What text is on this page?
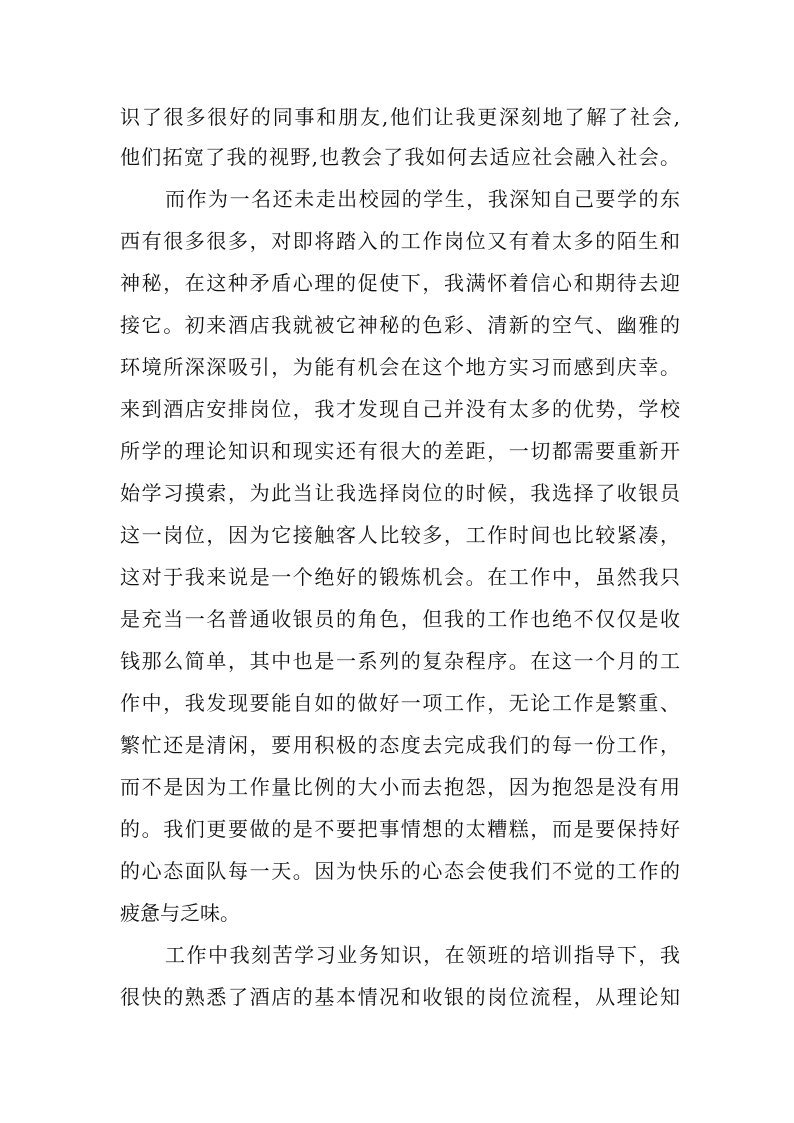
识了很多很好的同事和朋友,他们让我更深刻地了解了社会,
他们拓宽了我的视野,也教会了我如何去适应社会融入社会。
而作为一名还未走出校园的学生，我深知自己要学的东
西有很多很多，对即将踏入的工作岗位又有着太多的陌生和
神秘，在这种矛盾心理的促使下，我满怀着信心和期待去迎
接它。初来酒店我就被它神秘的色彩、清新的空气、幽雅的
环境所深深吸引，为能有机会在这个地方实习而感到庆幸。
来到酒店安排岗位，我才发现自己并没有太多的优势，学校
所学的理论知识和现实还有很大的差距，一切都需要重新开
始学习摸索，为此当让我选择岗位的时候，我选择了收银员
这一岗位，因为它接触客人比较多，工作时间也比较紧凑，
这对于我来说是一个绝好的锻炼机会。在工作中，虽然我只
是充当一名普通收银员的角色，但我的工作也绝不仅仅是收
钱那么简单，其中也是一系列的复杂程序。在这一个月的工
作中，我发现要能自如的做好一项工作，无论工作是繁重、
繁忙还是清闲，要用积极的态度去完成我们的每一份工作，
而不是因为工作量比例的大小而去抱怨，因为抱怨是没有用
的。我们更要做的是不要把事情想的太糟糕，而是要保持好
的心态面队每一天。因为快乐的心态会使我们不觉的工作的
疲惫与乏味。
工作中我刻苦学习业务知识，在领班的培训指导下，我
很快的熟悉了酒店的基本情况和收银的岗位流程，从理论知
